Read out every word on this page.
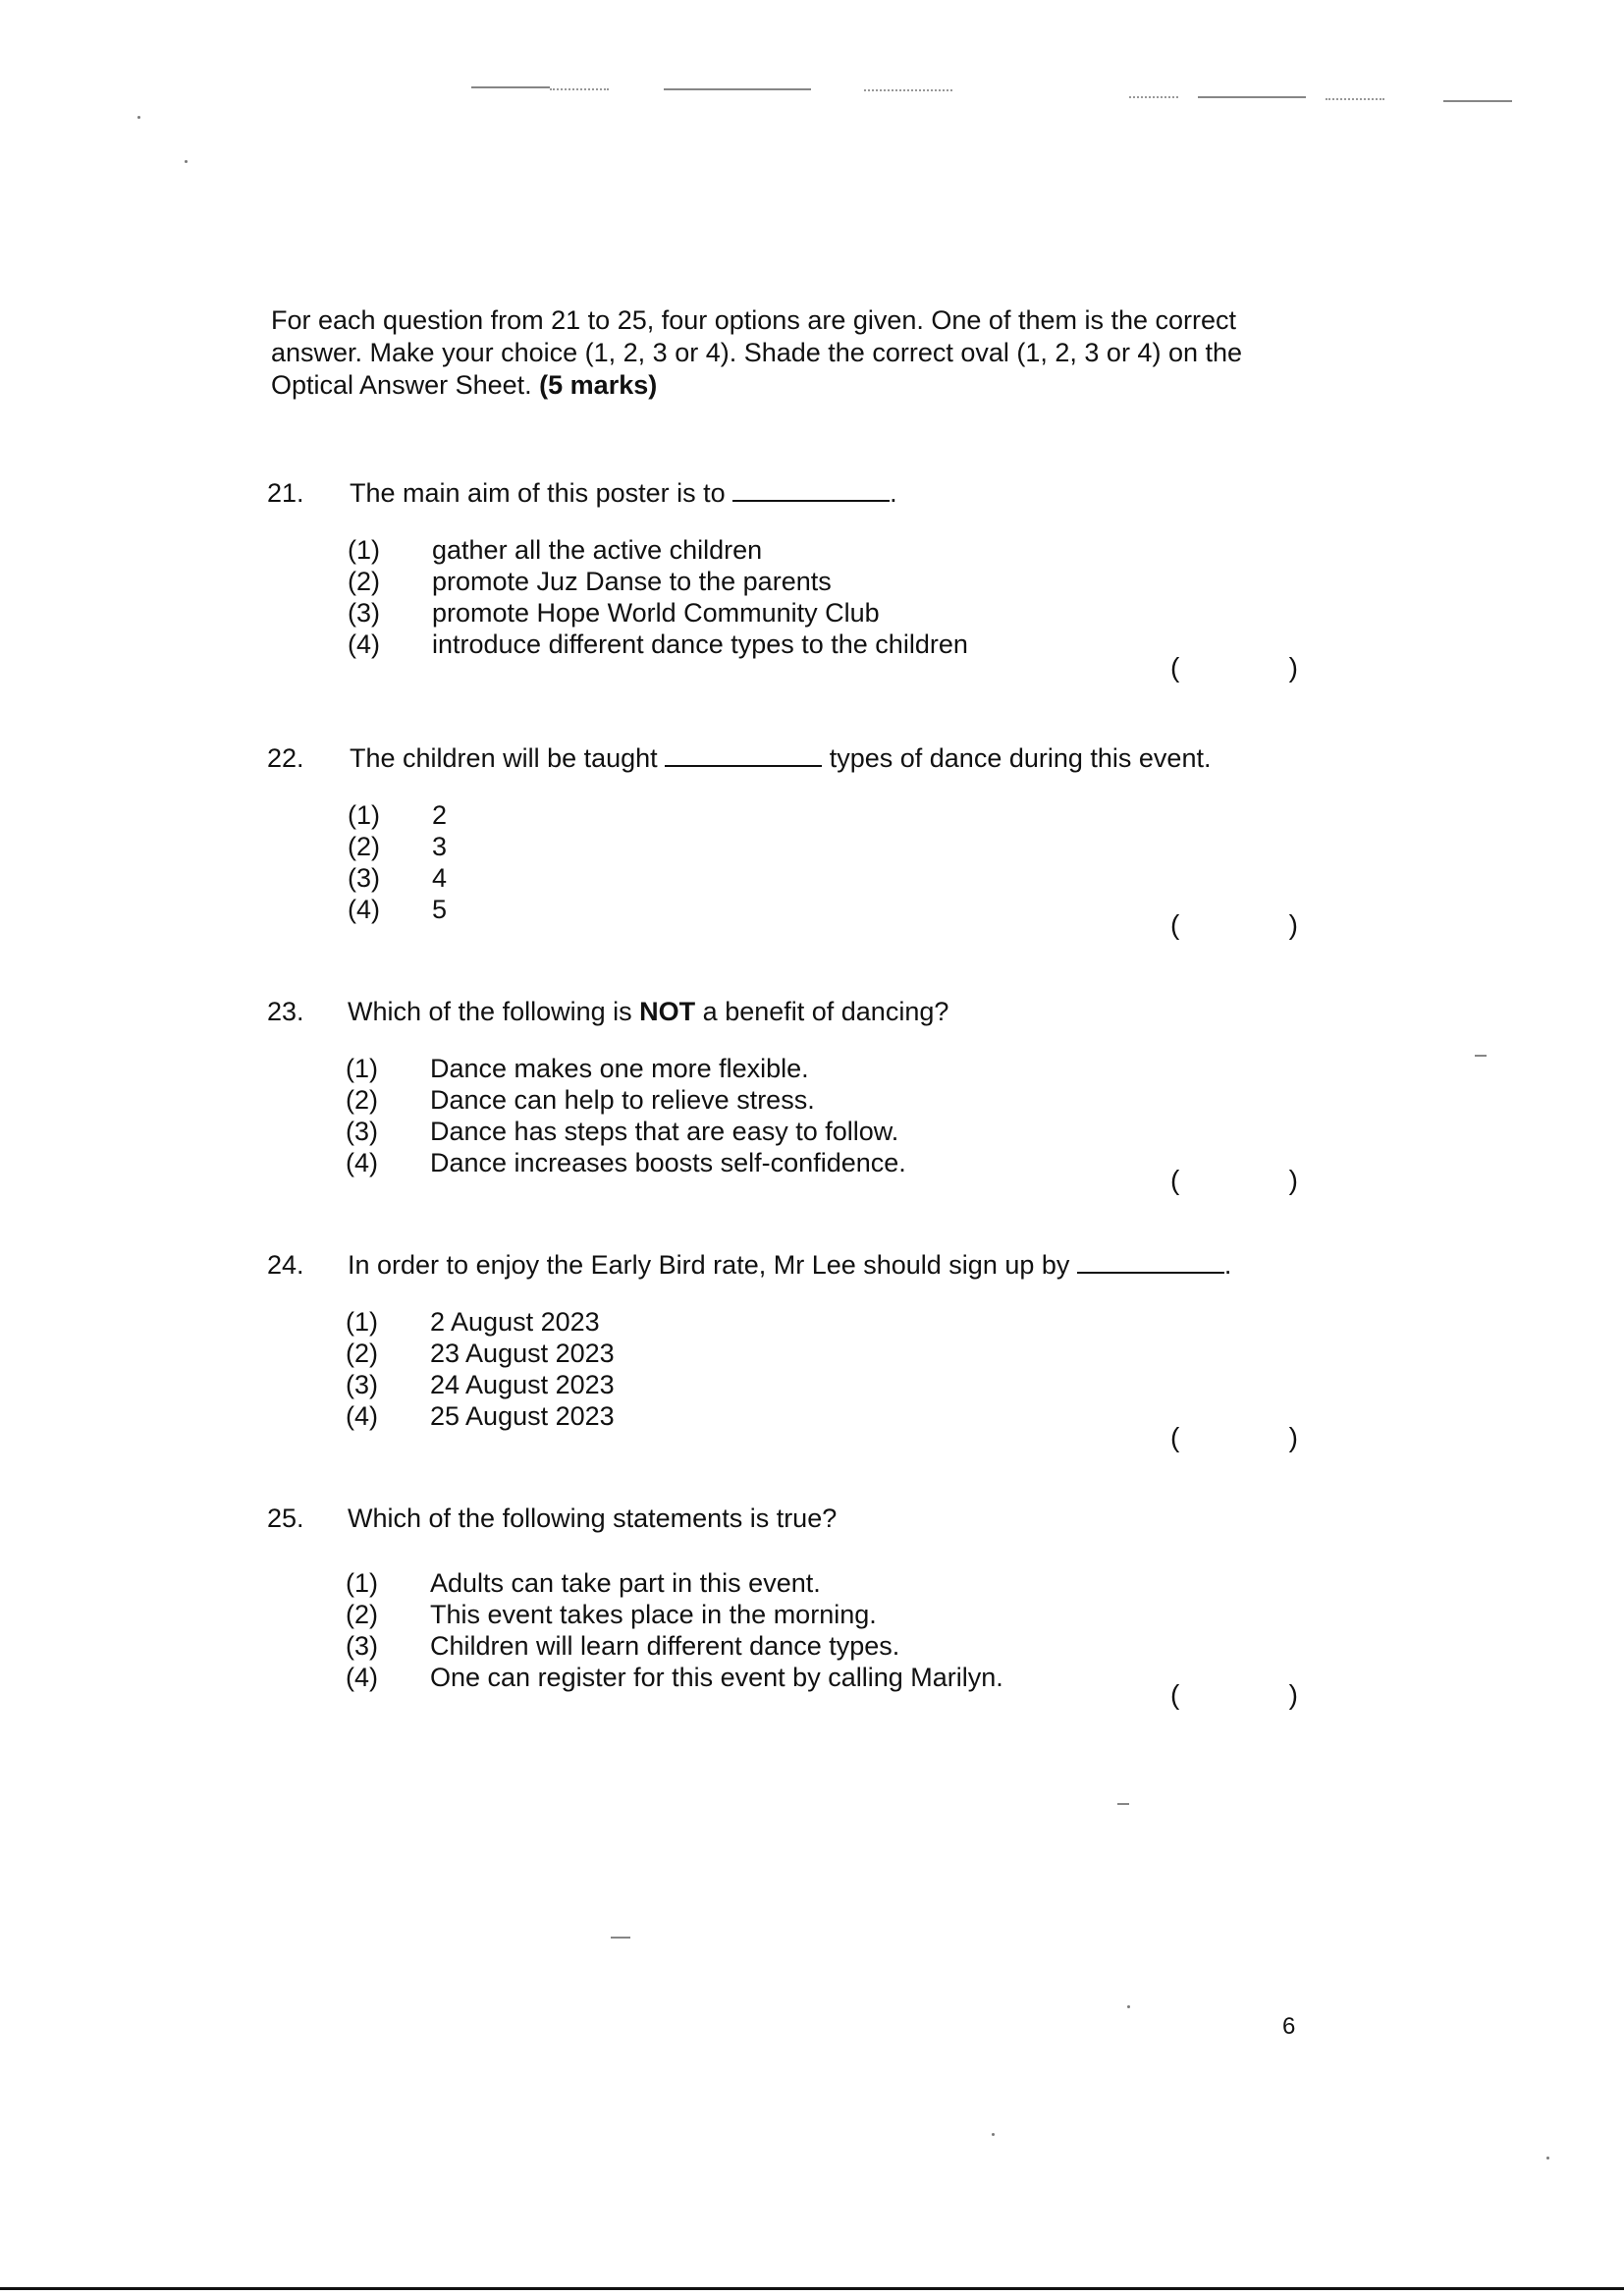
For each question from 21 to 25, four options are given. One of them is the correct answer. Make your choice (1, 2, 3 or 4). Shade the correct oval (1, 2, 3 or 4) on the Optical Answer Sheet. (5 marks)
21. The main aim of this poster is to	.
(1) gather all the active children
(2) promote Juz Danse to the parents
(3) promote Hope World Community Club
(4) introduce different dance types to the children
(	)
22. The children will be taught	types of dance during this event.
(1) 2
(2) 3
(3) 4
(4) 5	(	)
23. Which of the following is NOT a benefit of dancing?
(1) Dance makes one more flexible.
(2) Dance can help to relieve stress.
(3) Dance has steps that are easy to follow.
(4) Dance increases boosts self-confidence.
(	)
24. In order to enjoy the Early Bird rate, Mr Lee should sign up by	.
(1) 2 August 2023
(2) 23 August 2023
(3) 24 August 2023
(4) 25 August 2023
(	)
25. Which of the following statements is true?
(1) Adults can take part in this event.
(2) This event takes place in the morning.
(3) Children will learn different dance types.
(4) One can register for this event by calling Marilyn.
(	)
6
